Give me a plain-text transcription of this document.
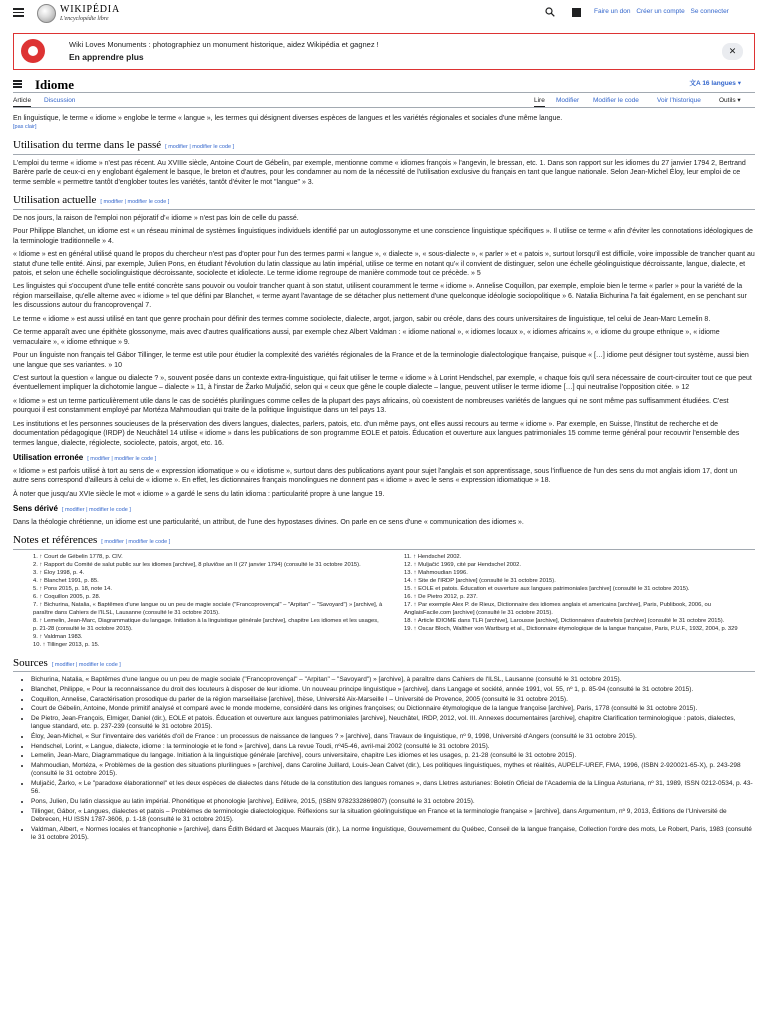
WIKIPÉDIA
L'encyclopédie libre
Faire un don Créer un compte Se connecter
Wiki Loves Monuments : photographiez un monument historique, aidez Wikipédia et gagnez !
En apprendre plus
✕
Idiome	文A 16 langues ▾
Article Discussion	Lire Modifier Modifier le code	Voir l'historique	Outils ▾

En linguistique, le terme « idiome » englobe le terme « langue », les termes qui désignent diverses espèces de langues et les variétés régionales et sociales d'une même langue.

[pas clair]
Utilisation du terme dans le passé [ modifier | modifier le code ]

L'emploi du terme « idiome » n'est pas récent. Au XVIIIe siècle, Antoine Court de Gébelin, par exemple, mentionne comme « idiomes françois » l'angevin, le bressan, etc. 1. Dans son rapport sur les idiomes du 27 janvier 1794 2, Bertrand Barère parle de ceux-ci en y englobant également le basque, le breton et d'autres, pour les condamner au nom de la nécessité de l'utilisation exclusive du français en tant que langue nationale. Selon Jean-Michel Éloy, leur emploi de ce terme semble « permettre tantôt d'englober toutes les variétés, tantôt d'éviter le mot "langue" » 3.

Utilisation actuelle [ modifier | modifier le code ]

De nos jours, la raison de l'emploi non péjoratif d'« idiome » n'est pas loin de celle du passé.

Pour Philippe Blanchet, un idiome est « un réseau minimal de systèmes linguistiques individuels identifié par un autoglossonyme et une conscience linguistique spécifiques ». Il utilise ce terme « afin d'éviter les connotations idéologiques de la terminologie traditionnelle » 4.

« Idiome » est en général utilisé quand le propos du chercheur n'est pas d'opter pour l'un des termes parmi « langue », « dialecte », « sous-dialecte », « parler » et « patois », surtout lorsqu'il est difficile, voire impossible de trancher quant au statut d'une telle entité. Ainsi, par exemple, Julien Pons, en étudiant l'évolution du latin classique au latin impérial, utilise ce terme en notant qu'« il convient de distinguer, selon une échelle géolinguistique décroissante, langue, dialecte, et patois, et selon une échelle sociolinguistique décroissante, sociolecte et idiolecte. Le terme idiome regroupe de manière commode tout ce précède. » 5

Les linguistes qui s'occupent d'une telle entité concrète sans pouvoir ou vouloir trancher quant à son statut, utilisent couramment le terme « idiome ». Annelise Coquillon, par exemple, emploie bien le terme « parler » pour la variété de la région marseillaise, qu'elle alterne avec « idiome » tel que défini par Blanchet, « terme ayant l'avantage de se détacher plus nettement d'une quelconque idéologie sociopolitique » 6. Natalia Bichurina l'a fait également, en se penchant sur les discussions autour du francoprovençal 7.

Le terme « idiome » est aussi utilisé en tant que genre prochain pour définir des termes comme sociolecte, dialecte, argot, jargon, sabir ou créole, dans des cours universitaires de linguistique, tel celui de Jean-Marc Lemelin 8.

Ce terme apparaît avec une épithète glossonyme, mais avec d'autres qualifications aussi, par exemple chez Albert Valdman : « idiome national », « idiomes locaux », « idiomes africains », « idiome du groupe ethnique », « idiome vernaculaire », « idiome ethnique » 9.

Pour un linguiste non français tel Gábor Tillinger, le terme est utile pour étudier la complexité des variétés régionales de la France et de la terminologie dialectologique française, puisque « […] idiome peut désigner tout système, aussi bien une langue que ses variantes. » 10

C'est surtout la question « langue ou dialecte ? », souvent posée dans un contexte extra-linguistique, qui fait utiliser le terme « idiome » à Lorint Hendschel, par exemple, « chaque fois qu'il sera nécessaire de court-circuiter tout ce que peut éventuellement impliquer la dichotomie langue – dialecte » 11, à l'instar de Žarko Muljačić, selon qui « ceux que gêne le couple dialecte – langue, peuvent utiliser le terme idiome […] qui neutralise l'opposition citée. » 12

« Idiome » est un terme particulièrement utile dans le cas de sociétés plurilingues comme celles de la plupart des pays africains, où coexistent de nombreuses variétés de langues qui ne sont même pas suffisamment étudiées. C'est pourquoi il est constamment employé par Mortéza Mahmoudian qui traite de la politique linguistique dans un tel pays 13.

Les institutions et les personnes soucieuses de la préservation des divers langues, dialectes, parlers, patois, etc. d'un même pays, ont elles aussi recours au terme « idiome ». Par exemple, en Suisse, l'Institut de recherche et de documentation pédagogique (IRDP) de Neuchâtel 14 utilise « idiome » dans les publications de son programme EOLE et patois. Éducation et ouverture aux langues patrimoniales 15 comme terme général pour recouvrir l'ensemble des termes langue, dialecte, régiolecte, sociolecte, patois, argot, etc. 16.

Utilisation erronée [ modifier | modifier le code ]

« Idiome » est parfois utilisé à tort au sens de « expression idiomatique » ou « idiotisme », surtout dans des publications ayant pour sujet l'anglais et son apprentissage, sous l'influence de l'un des sens du mot anglais idiom 17, dont un autre sens correspond d'ailleurs à celui de « idiome ». En effet, les dictionnaires français monolingues ne donnent pas « idiome » avec le sens « expression idiomatique » 18.

À noter que jusqu'au XVIe siècle le mot « idiome » a gardé le sens du latin idioma : particularité propre à une langue 19.

Sens dérivé [ modifier | modifier le code ]

Dans la théologie chrétienne, un idiome est une particularité, un attribut, de l'une des hypostases divines. On parle en ce sens d'une « communication des idiomes ».

Notes et références [ modifier | modifier le code ]
1. ↑ Court de Gébelin 1778, p. CIV.
2. ↑ Rapport du Comité de salut public sur les idiomes [archive], 8 pluviôse an II (27 janvier 1794) (consulté le 31 octobre 2015).
3. ↑ Éloy 1998, p. 4.
4. ↑ Blanchet 1991, p. 85.
5. ↑ Pons 2015, p. 18, note 14.
6. ↑ Coquillon 2005, p. 28.
7. ↑ Bichurina, Natalia, « Baptêmes d'une langue ou un peu de magie sociale ("Francoprovençal" – "Arpitan" – "Savoyard") » [archive], à paraître dans Cahiers de l'ILSL, Lausanne (consulté le 31 octobre 2015).
8. ↑ Lemelin, Jean-Marc, Diagrammatique du langage. Initiation à la linguistique générale [archive], chapitre Les idiomes et les usages, p. 21-28 (consulté le 31 octobre 2015).
9. ↑ Valdman 1983.
10. ↑ Tillinger 2013, p. 15.
11. ↑ Hendschel 2002.
12. ↑ Muljačić 1969, cité par Hendschel 2002.
13. ↑ Mahmoudian 1996.
14. ↑ Site de l'IRDP [archive] (consulté le 31 octobre 2015).
15. ↑ EOLE et patois. Éducation et ouverture aux langues patrimoniales [archive] (consulté le 31 octobre 2015).
16. ↑ De Pietro 2012, p. 237.
17. ↑ Par exemple Alex P. de Rieux, Dictionnaire des idiomes anglais et americains [archive], Paris, Publibook, 2006, ou AnglaisFacile.com [archive] (consulté le 31 octobre 2015).
18. ↑ Article IDIOME dans TLFi [archive], Larousse [archive], Dictionnaires d'autrefois [archive] (consulté le 31 octobre 2015).
19. ↑ Oscar Bloch, Walther von Wartburg et al., Dictionnaire étymologique de la langue française, Paris, P.U.F., 1932, 2004, p. 329
Sources [ modifier | modifier le code ]
• Bichurina, Natalia, « Baptêmes d'une langue ou un peu de magie sociale ("Francoprovençal" – "Arpitan" – "Savoyard") » [archive], à paraître dans Cahiers de l'ILSL, Lausanne (consulté le 31 octobre 2015).
• Blanchet, Philippe, « Pour la reconnaissance du droit des locuteurs à disposer de leur idiome. Un nouveau principe linguistique » [archive], dans Langage et société, année 1991, vol. 55, nº 1, p. 85-94 (consulté le 31 octobre 2015).
• Coquillon, Annelise, Caractérisation prosodique du parler de la région marseillaise [archive], thèse, Université Aix-Marseille I – Université de Provence, 2005 (consulté le 31 octobre 2015).
• Court de Gébelin, Antoine, Monde primitif analysé et comparé avec le monde moderne, considéré dans les origines françoises; ou Dictionnaire étymologique de la langue françoise [archive], Paris, 1778 (consulté le 31 octobre 2015).
• De Pietro, Jean-François, Elmiger, Daniel (dir.), EOLE et patois. Éducation et ouverture aux langues patrimoniales [archive], Neuchâtel, IRDP, 2012, vol. III. Annexes documentaires [archive], chapitre Clarification terminologique : patois, dialectes, langue standard, etc. p. 237-239 (consulté le 31 octobre 2015).
• Éloy, Jean-Michel, « Sur l'inventaire des variétés d'oïl de France : un processus de naissance de langues ? » [archive], dans Travaux de linguistique, nº 9, 1998, Université d'Angers (consulté le 31 octobre 2015).
• Hendschel, Lorint, « Langue, dialecte, idiome : la terminologie et le fond » [archive], dans La revue Toudi, nº45-46, avril-mai 2002 (consulté le 31 octobre 2015).
• Lemelin, Jean-Marc, Diagrammatique du langage. Initiation à la linguistique générale [archive], cours universitaire, chapitre Les idiomes et les usages, p. 21-28 (consulté le 31 octobre 2015).
• Mahmoudian, Mortéza, « Problèmes de la gestion des situations plurilingues » [archive], dans Caroline Juillard, Louis-Jean Calvet (dir.), Les politiques linguistiques, mythes et réalités, AUPELF-UREF, FMA, 1996, (ISBN 2-920021-65-X), p. 243-298 (consulté le 31 octobre 2015).
• Muljačić, Žarko, « Le "paradoxe élaborationnel" et les deux espèces de dialectes dans l'étude de la constitution des langues romanes », dans Lletres asturianes: Boletín Oficial de l'Academia de la Llingua Asturiana, nº 31, 1989, ISSN 0212-0534, p. 43-56.
• Pons, Julien, Du latin classique au latin impérial. Phonétique et phonologie [archive], Edilivre, 2015, (ISBN 9782332869807) (consulté le 31 octobre 2015).
• Tillinger, Gábor, « Langues, dialectes et patois – Problèmes de terminologie dialectologique. Réflexions sur la situation géolinguistique en France et la terminologie française » [archive], dans Argumentum, nº 9, 2013, Éditions de l'Université de Debrecen, HU ISSN 1787-3606, p. 1-18 (consulté le 31 octobre 2015).
• Valdman, Albert, « Normes locales et francophonie » [archive], dans Édith Bédard et Jacques Maurais (dir.), La norme linguistique, Gouvernement du Québec, Conseil de la langue française, Collection l'ordre des mots, Le Robert, Paris, 1983 (consulté le 31 octobre 2015).
